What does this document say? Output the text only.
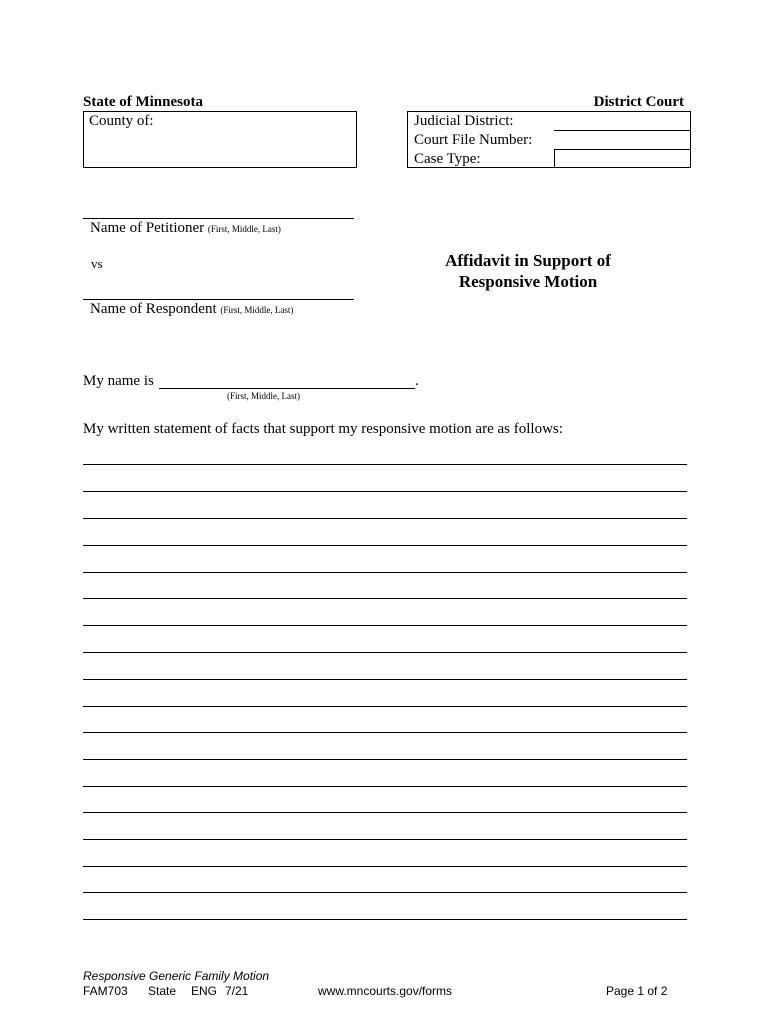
State of Minnesota	District Court
County of:	Judicial District:
Court File Number:
Case Type:
Name of Petitioner (First, Middle, Last)
vs
Name of Respondent (First, Middle, Last)
Affidavit in Support of
Responsive Motion
My name is	.
(First, Middle, Last)
My written statement of facts that support my responsive motion are as follows:
Responsive Generic Family Motion
FAM703 State ENG 7/21	www.mncourts.gov/forms	Page 1 of 2
